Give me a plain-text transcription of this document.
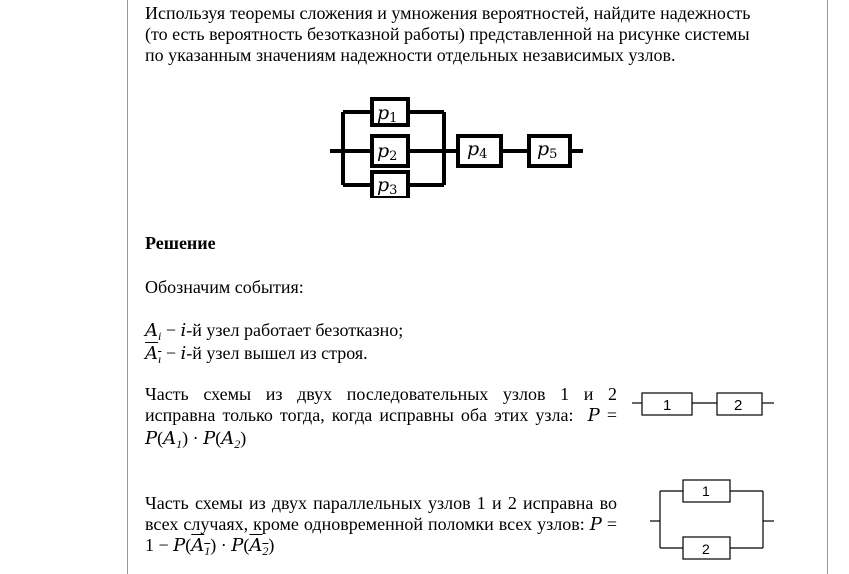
Используя теоремы сложения и умножения вероятностей, найдите надежность
(то есть вероятность безотказной работы) представленной на рисунке системы
по указанным значениям надежности отдельных независимых узлов.
p1
p2
p3
p4	p5
Решение
Обозначим события:
$A_i - i-й$ узел работает безотказно;
$\overline{A}_{\overline{ı}} - i-й$ узел вышел из строя.
Часть схемы из двух последовательных узлов 1 и 2
исправна только тогда, когда исправны оба этих узла: P =
$P(A_1) \cdot P(A_2)$
1	2
Часть схемы из двух параллельных узлов 1 и 2 исправна во
всех случаях, кроме одновременной поломки всех узлов: P =
$1 - P(\overline{A}_1) \cdot P(\overline{A}_2)$
1
2
